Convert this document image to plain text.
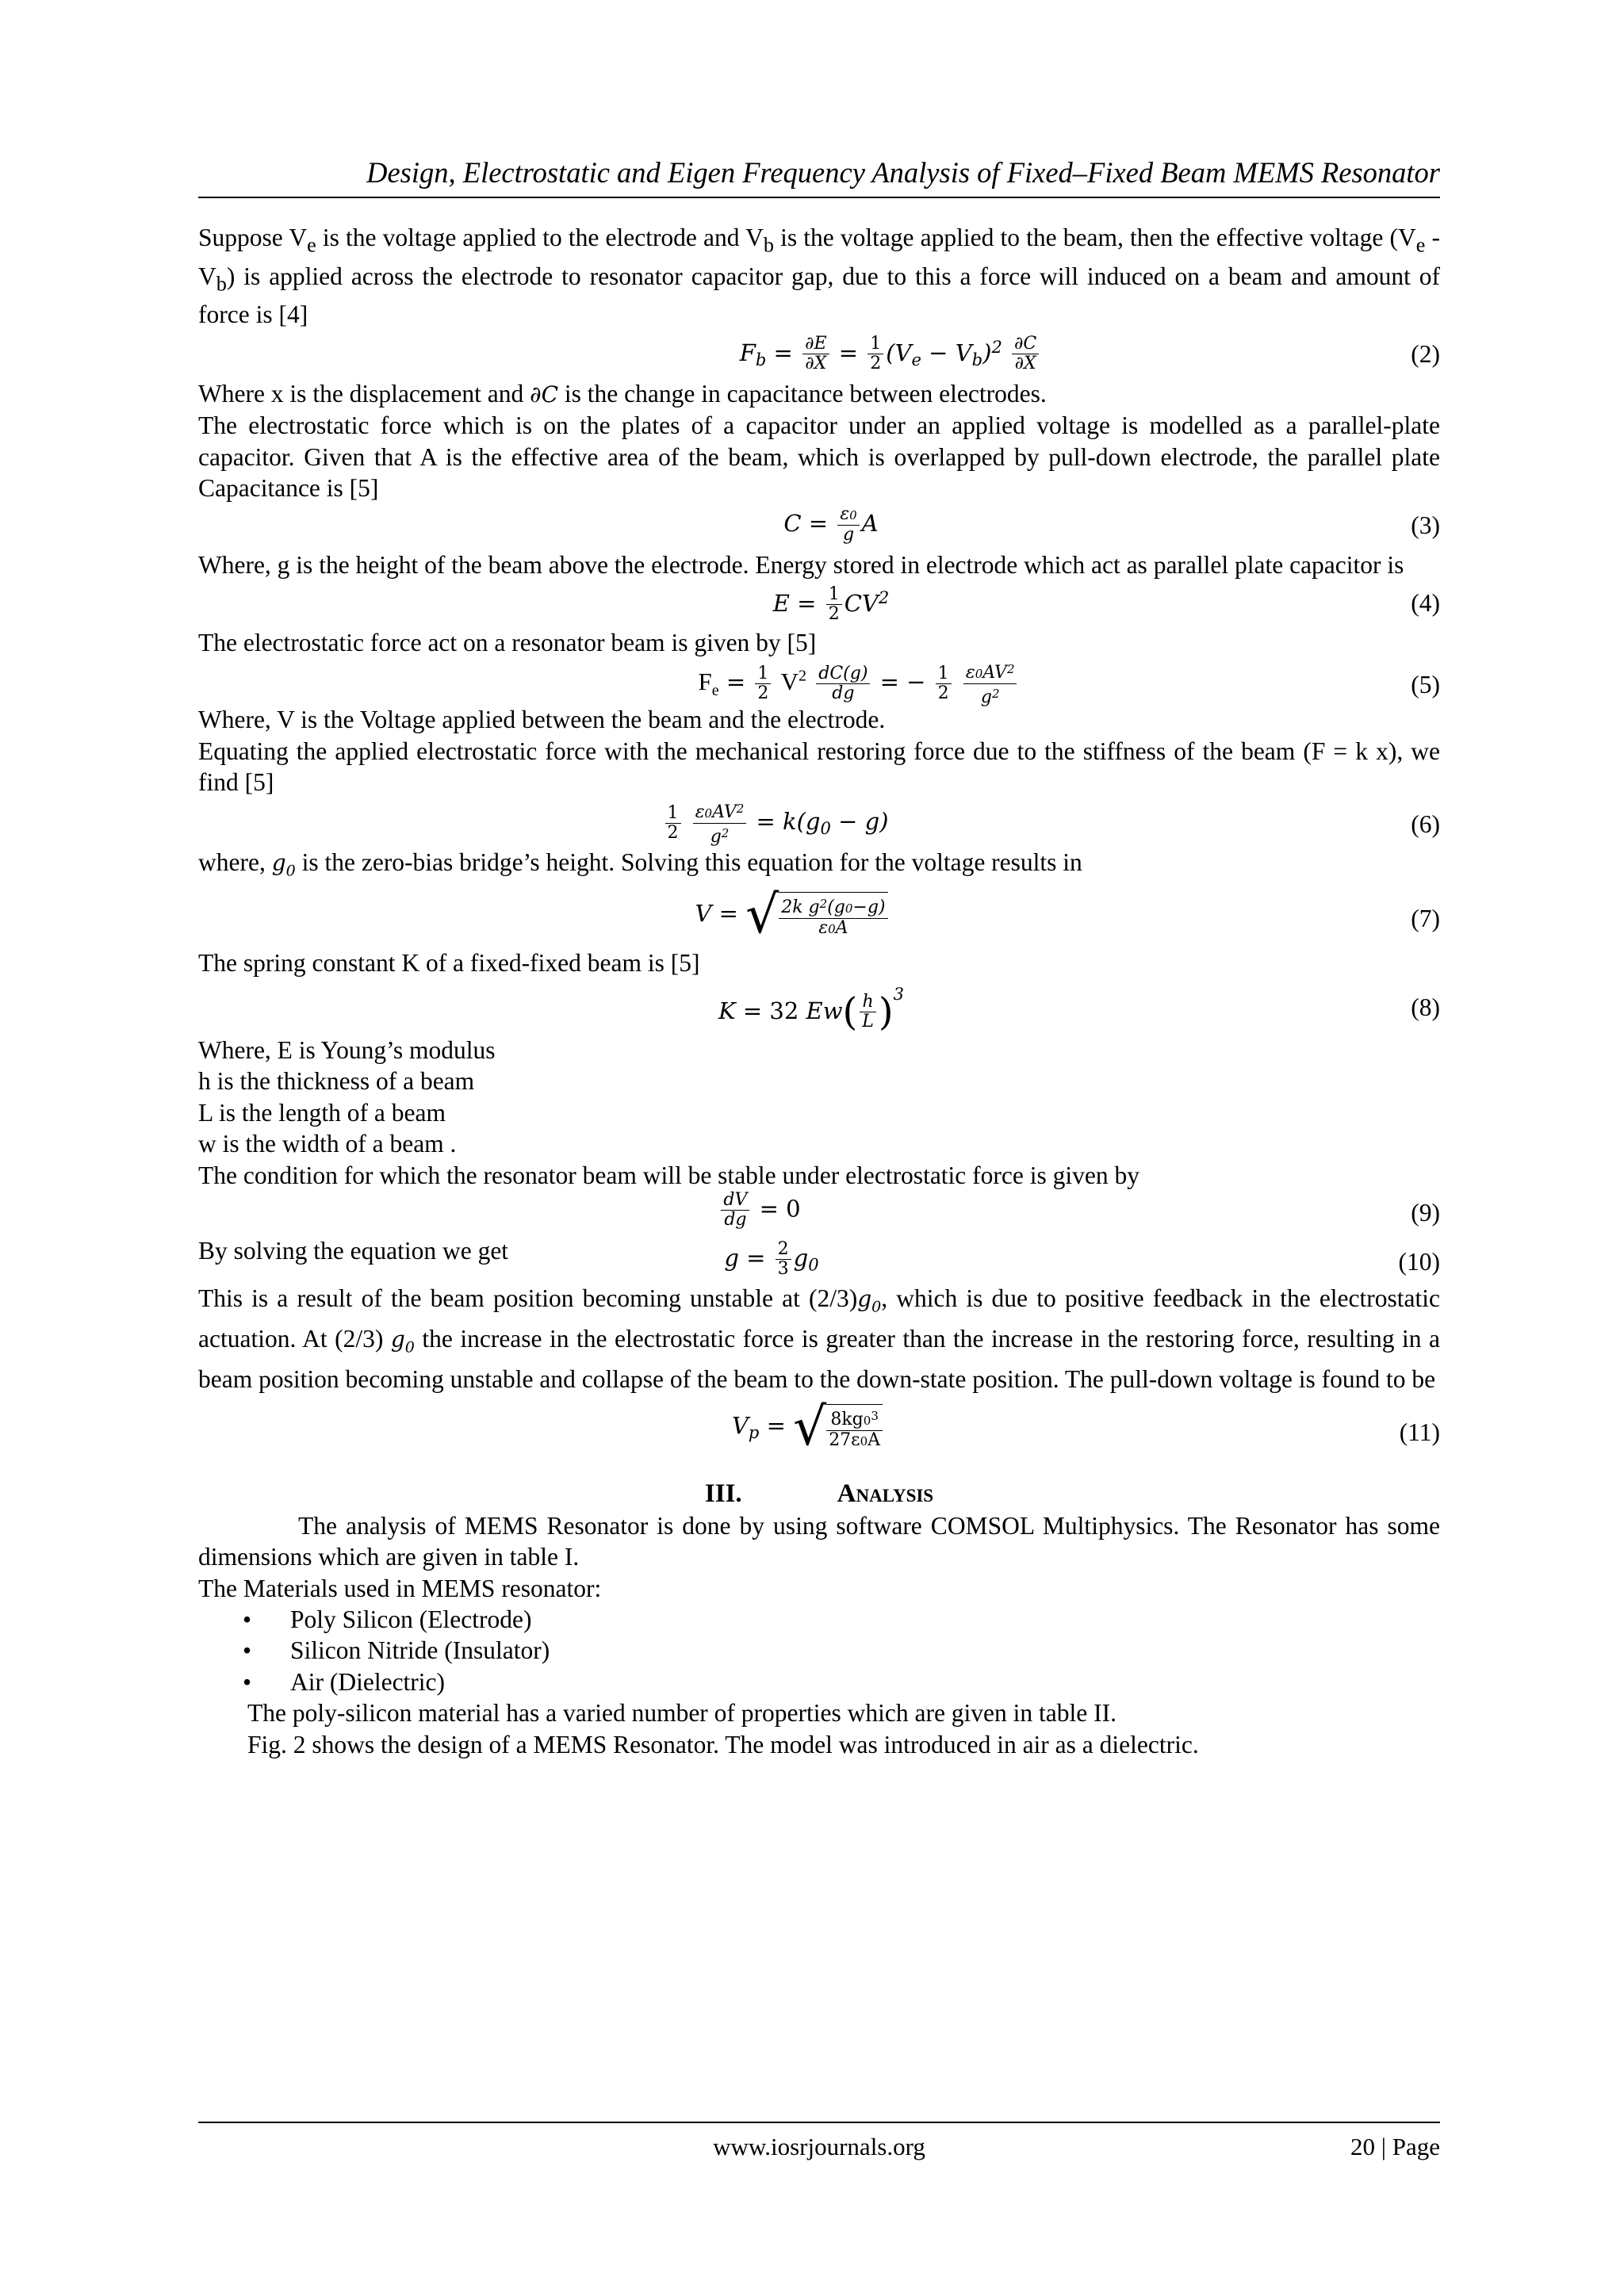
Design, Electrostatic and Eigen Frequency Analysis of Fixed–Fixed Beam MEMS Resonator

Suppose $V_e$ is the voltage applied to the electrode and $V_b$ is the voltage applied to the beam, then the effective voltage $(V_e - V_b)$ is applied across the electrode to resonator capacitor gap, due to this a force will induced on a beam and amount of force is [4]

$F_b = \frac{\partial E}{\partial X} = \frac{1}{2} (V_e - V_b)^2 \frac{\partial C}{\partial X}$	(2)

Where x is the displacement and ∂C is the change in capacitance between electrodes.

The electrostatic force which is on the plates of a capacitor under an applied voltage is modelled as a parallel-plate capacitor. Given that A is the effective area of the beam, which is overlapped by pull-down electrode, the parallel plate Capacitance is [5]

$C = \frac{\varepsilon 0}{g}$ A	(3)

Where, g is the height of the beam above the electrode. Energy stored in electrode which act as parallel plate capacitor is

$E = \frac{1}{2} CV^2$	(4)

The electrostatic force act on a resonator beam is given by [5]

$F_e = \frac{1}{2} V^2 \frac{dC(g)}{dg}$ = − $\frac{1}{2}$
$\frac{\varepsilon 0AV^2}{g^2}$	(5)

Where, V is the Voltage applied between the beam and the electrode.

Equating the applied electrostatic force with the mechanical restoring force due to the stiffness of the beam (F = k x), we find [5]

$\frac{1}{2}$
$\frac{\varepsilon 0AV^2}{g^2} = k(g_0 - g)$	(6)

where, $g_0$ is the zero-bias bridge’s height. Solving this equation for the voltage results in

V = √ $\frac{2k g^2(g0-g)}{\varepsilon 0A}$	(7)

The spring constant K of a fixed-fixed beam is [5]

K = 32 $Ew( \frac{h}{L} )^3$	(8)

Where, E is Young’s modulus

h is the thickness of a beam

L is the length of a beam

w is the width of a beam .

The condition for which the resonator beam will be stable under electrostatic force is given by

$\frac{dV}{dg} = 0$	(9)
By solving the equation we get	$g = \frac{2}{3} g_0$	(10)

This is a result of the beam position becoming unstable at $(2/3)g_0$, which is due to positive feedback in the electrostatic actuation. At (2/3) $g_0$ the increase in the electrostatic force is greater than the increase in the restoring force, resulting in a beam position becoming unstable and collapse of the beam to the down-state position. The pull-down voltage is found to be

$V_p$ = √ $\frac{8kg0^3}{27\varepsilon 0A}$	(11)
III.	Analysis

The analysis of MEMS Resonator is done by using software COMSOL Multiphysics. The Resonator has some dimensions which are given in table I.

The Materials used in MEMS resonator:

• Poly Silicon (Electrode)
• Silicon Nitride (Insulator)
• Air (Dielectric)

The poly-silicon material has a varied number of properties which are given in table II.

Fig. 2 shows the design of a MEMS Resonator. The model was introduced in air as a dielectric.

www.iosrjournals.org	20 | Page
